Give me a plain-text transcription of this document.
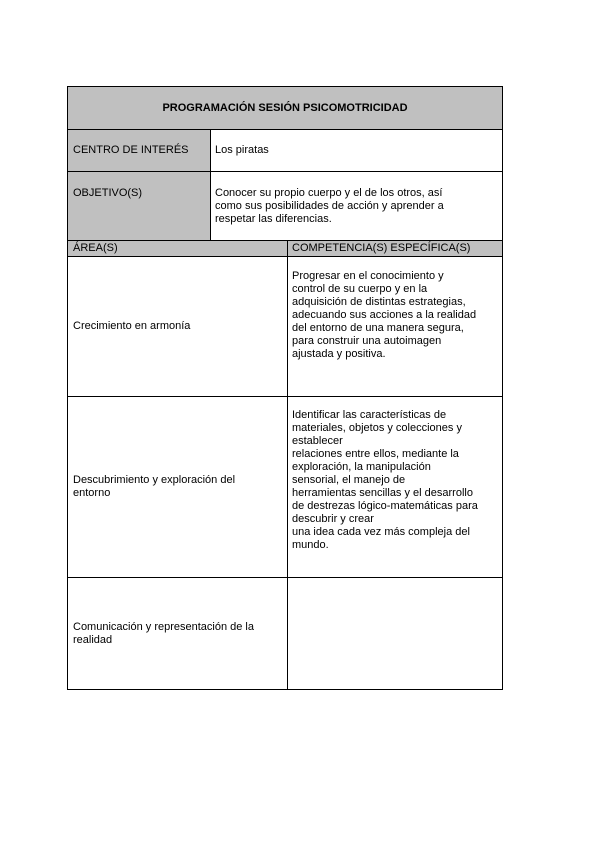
PROGRAMACIÓN SESIÓN PSICOMOTRICIDAD
CENTRO DE INTERÉS Los piratas
OBJETIVO(S)	Conocer su propio cuerpo y el de los otros, así
como sus posibilidades de acción y aprender a
respetar las diferencias.
ÁREA(S)	COMPETENCIA(S) ESPECÍFICA(S)
Crecimiento en armonía
Progresar en el conocimiento y
control de su cuerpo y en la
adquisición de distintas estrategias,
adecuando sus acciones a la realidad
del entorno de una manera segura,
para construir una autoimagen
ajustada y positiva.
Descubrimiento y exploración del
entorno
Identificar las características de
materiales, objetos y colecciones y
establecer
relaciones entre ellos, mediante la
exploración, la manipulación
sensorial, el manejo de
herramientas sencillas y el desarrollo
de destrezas lógico-matemáticas para
descubrir y crear
una idea cada vez más compleja del
mundo.
Comunicación y representación de la
realidad
